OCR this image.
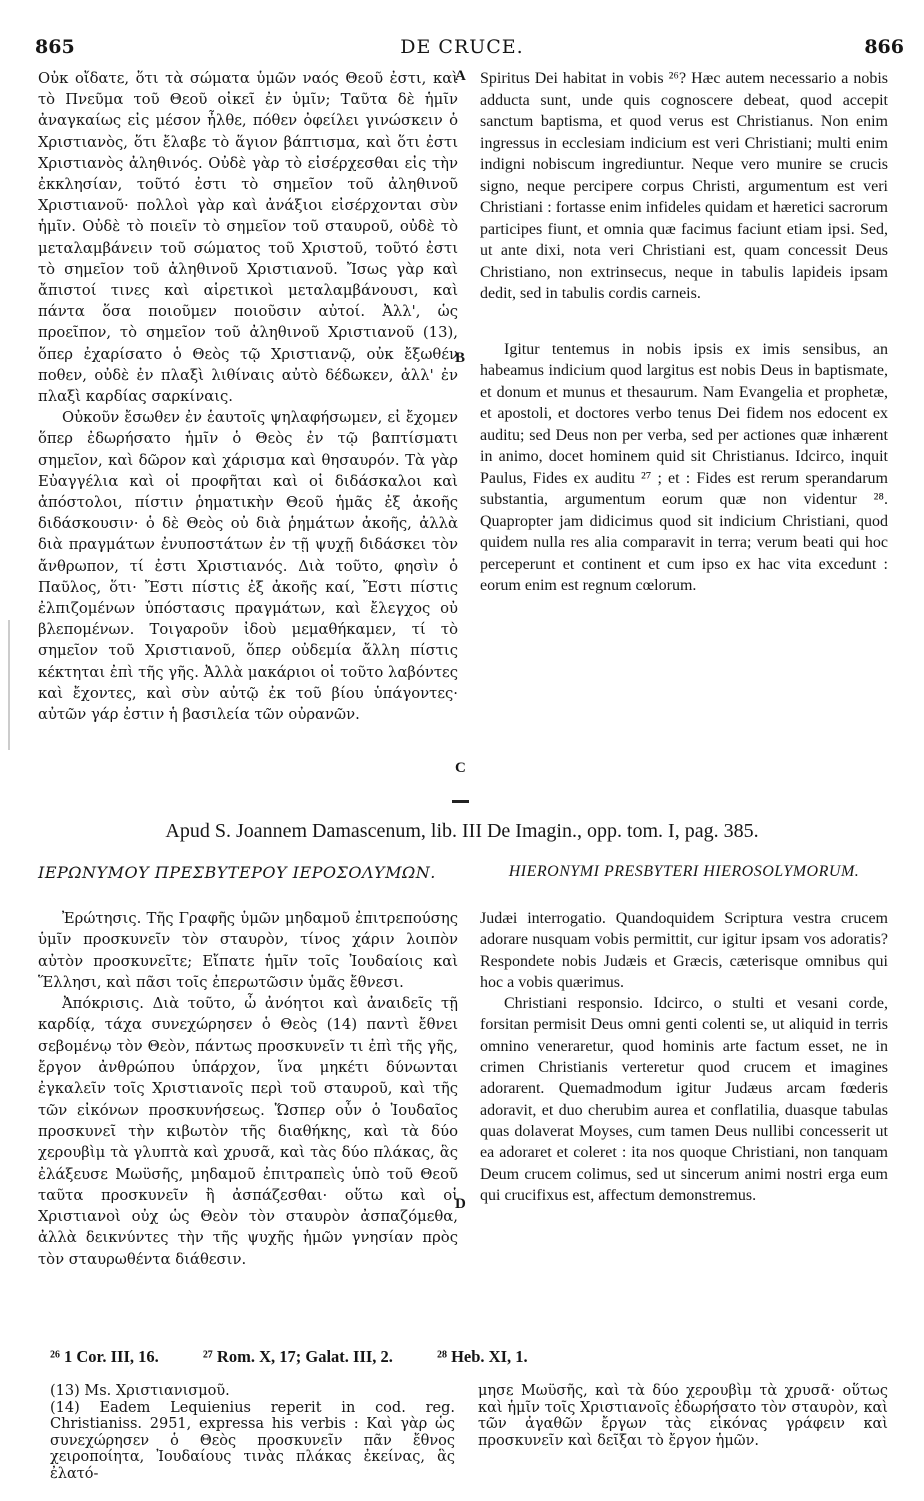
865	DE CRUCE.	866

Οὐκ οἴδατε, ὅτι τὰ σώματα ὑμῶν ναός Θεοῦ ἐστι, καὶ τὸ Πνεῦμα τοῦ Θεοῦ οἰκεῖ ἐν ὑμῖν; Ταῦτα δὲ ἡμῖν ἀναγκαίως εἰς μέσον ἦλθε, πόθεν ὀφείλει γινώσκειν ὁ Χριστιανὸς, ὅτι ἔλαβε τὸ ἅγιον βάπτισμα, καὶ ὅτι ἐστι Χριστιανὸς ἀληθινός. Οὐδὲ γὰρ τὸ εἰσέρχεσθαι εἰς τὴν ἐκκλησίαν, τοῦτό ἐστι τὸ σημεῖον τοῦ ἀληθινοῦ Χριστιανοῦ· πολλοὶ γὰρ καὶ ἀνάξιοι εἰσέρχονται σὺν ἡμῖν. Οὐδὲ τὸ ποιεῖν τὸ σημεῖον τοῦ σταυροῦ, οὐδὲ τὸ μεταλαμβάνειν τοῦ σώματος τοῦ Χριστοῦ, τοῦτό ἐστι τὸ σημεῖον τοῦ ἀληθινοῦ Χριστιανοῦ. Ἴσως γὰρ καὶ ἄπιστοί τινες καὶ αἱρετικοὶ μεταλαμβάνουσι, καὶ πάντα ὅσα ποιοῦμεν ποιοῦσιν αὐτοί. Ἀλλ', ὡς προεῖπον, τὸ σημεῖον τοῦ ἀληθινοῦ Χριστιανοῦ (13), ὅπερ ἐχαρίσατο ὁ Θεὸς τῷ Χριστιανῷ, οὐκ ἔξωθέν ποθεν, οὐδὲ ἐν πλαξὶ λιθίναις αὐτὸ δέδωκεν, ἀλλ' ἐν πλαξὶ καρδίας σαρκίναις.

Οὐκοῦν ἔσωθεν ἐν ἑαυτοῖς ψηλαφήσωμεν, εἰ ἔχομεν ὅπερ ἐδωρήσατο ἡμῖν ὁ Θεὸς ἐν τῷ βαπτίσματι σημεῖον, καὶ δῶρον καὶ χάρισμα καὶ θησαυρόν. Τὰ γὰρ Εὐαγγέλια καὶ οἱ προφῆται καὶ οἱ διδάσκαλοι καὶ ἀπόστολοι, πίστιν ῥηματικὴν Θεοῦ ἡμᾶς ἐξ ἀκοῆς διδάσκουσιν· ὁ δὲ Θεὸς οὐ διὰ ῥημάτων ἀκοῆς, ἀλλὰ διὰ πραγμάτων ἐνυποστάτων ἐν τῇ ψυχῇ διδάσκει τὸν ἄνθρωπον, τί ἐστι Χριστιανός. Διὰ τοῦτο, φησὶν ὁ Παῦλος, ὅτι· Ἔστι πίστις ἐξ ἀκοῆς καί, Ἔστι πίστις ἐλπιζομένων ὑπόστασις πραγμάτων, καὶ ἔλεγχος οὐ βλεπομένων. Τοιγαροῦν ἰδοὺ μεμαθήκαμεν, τί τὸ σημεῖον τοῦ Χριστιανοῦ, ὅπερ οὐδεμία ἄλλη πίστις κέκτηται ἐπὶ τῆς γῆς. Ἀλλὰ μακάριοι οἱ τοῦτο λαβόντες καὶ ἔχοντες, καὶ σὺν αὐτῷ ἐκ τοῦ βίου ὑπάγοντες· αὐτῶν γάρ ἐστιν ἡ βασιλεία τῶν οὐρανῶν.

Spiritus Dei habitat in vobis ²⁶? Hæc autem necessario a nobis adducta sunt, unde quis cognoscere debeat, quod accepit sanctum baptisma, et quod verus est Christianus. Non enim ingressus in ecclesiam indicium est veri Christiani; multi enim indigni nobiscum ingrediuntur. Neque vero munire se crucis signo, neque percipere corpus Christi, argumentum est veri Christiani : fortasse enim infideles quidam et hæretici sacrorum participes fiunt, et omnia quæ facimus faciunt etiam ipsi. Sed, ut ante dixi, nota veri Christiani est, quam concessit Deus Christiano, non extrinsecus, neque in tabulis lapideis ipsam dedit, sed in tabulis cordis carneis.

Igitur tentemus in nobis ipsis ex imis sensibus, an habeamus indicium quod largitus est nobis Deus in baptismate, et donum et munus et thesaurum. Nam Evangelia et prophetæ, et apostoli, et doctores verbo tenus Dei fidem nos edocent ex auditu; sed Deus non per verba, sed per actiones quæ inhærent in animo, docet hominem quid sit Christianus. Idcirco, inquit Paulus, Fides ex auditu ²⁷ ; et : Fides est rerum sperandarum substantia, argumentum eorum quæ non videntur ²⁸. Quapropter jam didicimus quod sit indicium Christiani, quod quidem nulla res alia comparavit in terra; verum beati qui hoc perceperunt et continent et cum ipso ex hac vita excedunt : eorum enim est regnum cœlorum.

A
B
C
D
Apud S. Joannem Damascenum, lib. III De Imagin., opp. tom. I, pag. 385.
ΙΕΡΩΝΥΜΟΥ ΠΡΕΣΒΥΤΕΡΟΥ ΙΕΡΟΣΟΛΥΜΩΝ.	HIERONYMI PRESBYTERI HIEROSOLYMORUM.

Ἐρώτησις. Τῆς Γραφῆς ὑμῶν μηδαμοῦ ἐπιτρεπούσης ὑμῖν προσκυνεῖν τὸν σταυρὸν, τίνος χάριν λοιπὸν αὐτὸν προσκυνεῖτε; Εἴπατε ἡμῖν τοῖς Ἰουδαίοις καὶ Ἕλλησι, καὶ πᾶσι τοῖς ἐπερωτῶσιν ὑμᾶς ἔθνεσι.

Ἀπόκρισις. Διὰ τοῦτο, ὦ ἀνόητοι καὶ ἀναιδεῖς τῇ καρδίᾳ, τάχα συνεχώρησεν ὁ Θεὸς (14) παντὶ ἔθνει σεβομένῳ τὸν Θεὸν, πάντως προσκυνεῖν τι ἐπὶ τῆς γῆς, ἔργον ἀνθρώπου ὑπάρχον, ἵνα μηκέτι δύνωνται ἐγκαλεῖν τοῖς Χριστιανοῖς περὶ τοῦ σταυροῦ, καὶ τῆς τῶν εἰκόνων προσκυνήσεως. Ὥσπερ οὖν ὁ Ἰουδαῖος προσκυνεῖ τὴν κιβωτὸν τῆς διαθήκης, καὶ τὰ δύο χερουβὶμ τὰ γλυπτὰ καὶ χρυσᾶ, καὶ τὰς δύο πλάκας, ἃς ἐλάξευσε Μωϋσῆς, μηδαμοῦ ἐπιτραπεὶς ὑπὸ τοῦ Θεοῦ ταῦτα προσκυνεῖν ἢ ἀσπάζεσθαι· οὕτω καὶ οἱ Χριστιανοὶ οὐχ ὡς Θεὸν τὸν σταυρὸν ἀσπαζόμεθα, ἀλλὰ δεικνύντες τὴν τῆς ψυχῆς ἡμῶν γνησίαν πρὸς τὸν σταυρωθέντα διάθεσιν.

Judæi interrogatio. Quandoquidem Scriptura vestra crucem adorare nusquam vobis permittit, cur igitur ipsam vos adoratis? Respondete nobis Judæis et Græcis, cæterisque omnibus qui hoc a vobis quærimus.

Christiani responsio. Idcirco, o stulti et vesani corde, forsitan permisit Deus omni genti colenti se, ut aliquid in terris omnino veneraretur, quod hominis arte factum esset, ne in crimen Christianis verteretur quod crucem et imagines adorarent. Quemadmodum igitur Judæus arcam fœderis adoravit, et duo cherubim aurea et conflatilia, duasque tabulas quas dolaverat Moyses, cum tamen Deus nullibi concesserit ut ea adoraret et coleret : ita nos quoque Christiani, non tanquam Deum crucem colimus, sed ut sincerum animi nostri erga eum qui crucifixus est, affectum demonstremus.

²⁶ 1 Cor. III, 16.	²⁷ Rom. X, 17; Galat. III, 2.	²⁸ Heb. XI, 1.

(13) Ms. Χριστιανισμοῦ.

(14) Eadem Lequienius reperit in cod. reg. Christianiss. 2951, expressa his verbis : Καὶ γὰρ ὡς συνεχώρησεν ὁ Θεὸς προσκυνεῖν πᾶν ἔθνος χειροποίητα, Ἰουδαίους τινὰς πλάκας ἐκείνας, ἃς ἐλατό-

μησε Μωϋσῆς, καὶ τὰ δύο χερουβὶμ τὰ χρυσᾶ· οὕτως καὶ ἡμῖν τοῖς Χριστιανοῖς ἐδωρήσατο τὸν σταυρὸν, καὶ τῶν ἀγαθῶν ἔργων τὰς εἰκόνας γράφειν καὶ προσκυνεῖν καὶ δεῖξαι τὸ ἔργον ἡμῶν.
